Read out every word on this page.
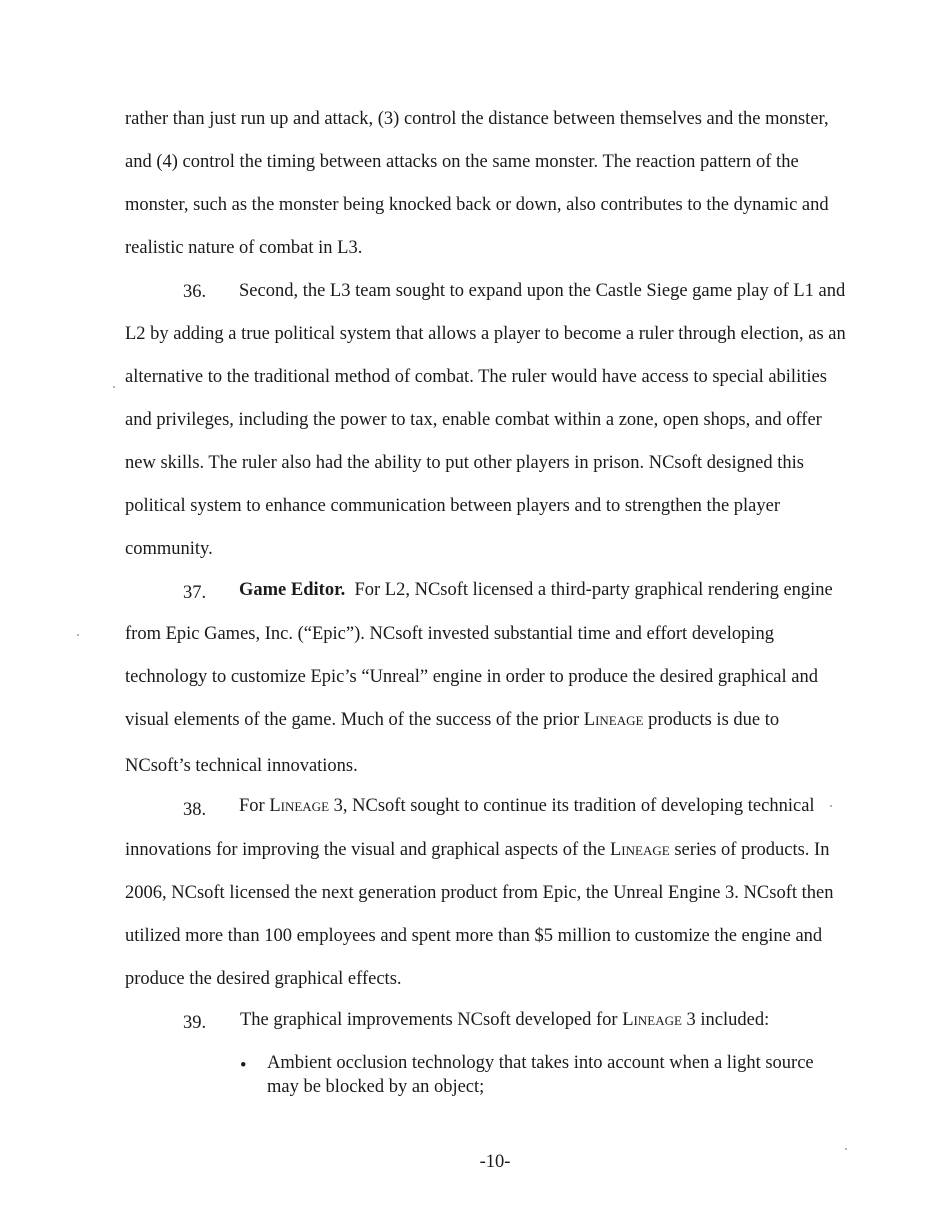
rather than just run up and attack, (3) control the distance between themselves and the monster,
and (4) control the timing between attacks on the same monster. The reaction pattern of the
monster, such as the monster being knocked back or down, also contributes to the dynamic and
realistic nature of combat in L3.
36. Second, the L3 team sought to expand upon the Castle Siege game play of L1 and
L2 by adding a true political system that allows a player to become a ruler through election, as an
alternative to the traditional method of combat. The ruler would have access to special abilities
and privileges, including the power to tax, enable combat within a zone, open shops, and offer
new skills. The ruler also had the ability to put other players in prison. NCsoft designed this
political system to enhance communication between players and to strengthen the player
community.
37. Game Editor. For L2, NCsoft licensed a third-party graphical rendering engine
from Epic Games, Inc. (“Epic”). NCsoft invested substantial time and effort developing
technology to customize Epic’s “Unreal” engine in order to produce the desired graphical and
visual elements of the game. Much of the success of the prior Lineage products is due to
NCsoft’s technical innovations.
38. For Lineage 3, NCsoft sought to continue its tradition of developing technical
innovations for improving the visual and graphical aspects of the Lineage series of products. In
2006, NCsoft licensed the next generation product from Epic, the Unreal Engine 3. NCsoft then
utilized more than 100 employees and spent more than $5 million to customize the engine and
produce the desired graphical effects.
39. The graphical improvements NCsoft developed for Lineage 3 included:
• Ambient occlusion technology that takes into account when a light source
may be blocked by an object;
-10-
